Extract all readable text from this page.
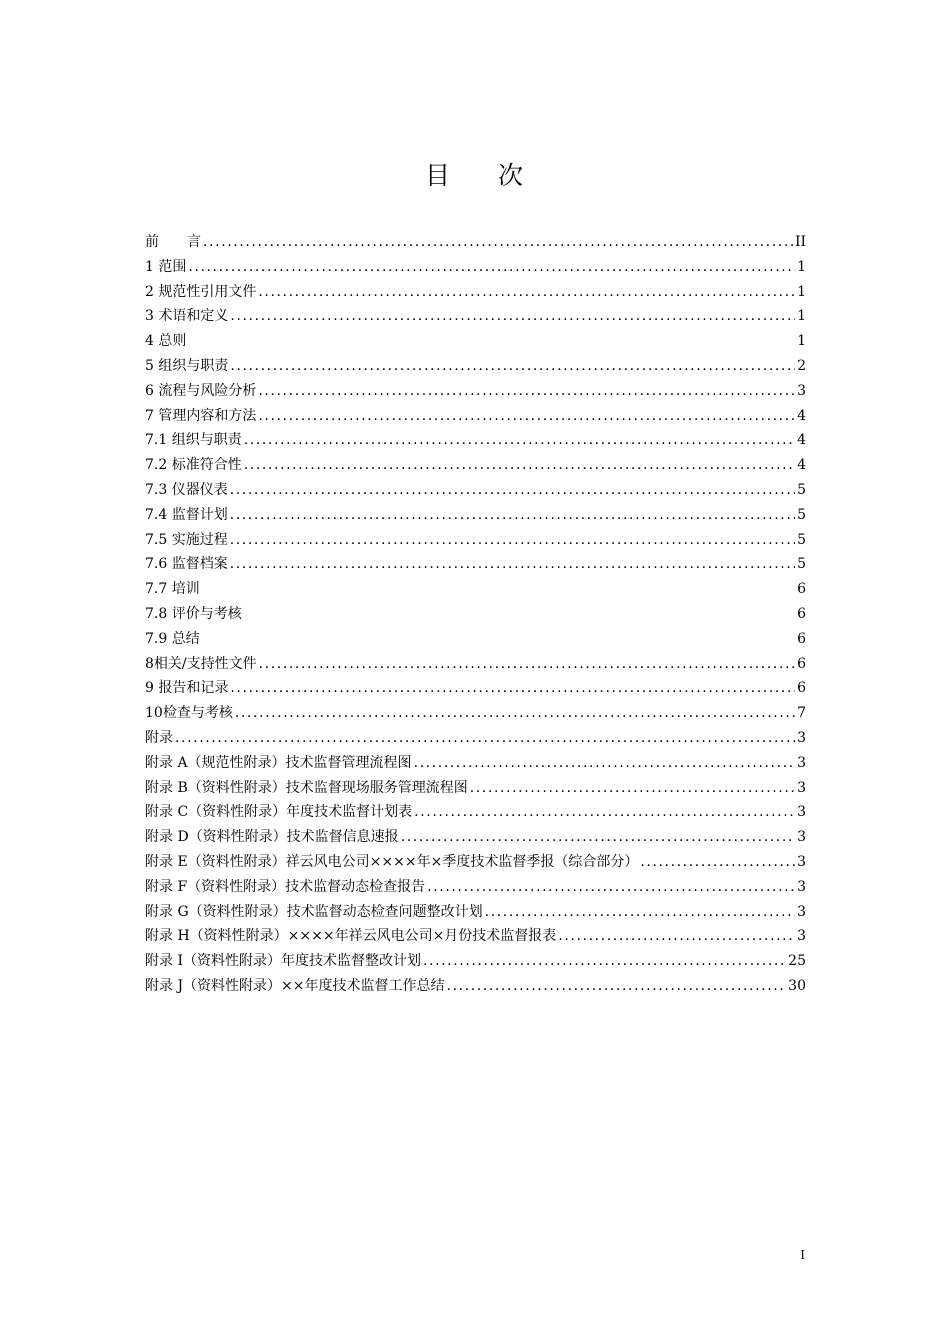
目 次
前　　言 .....	II
1 范围 .....	1
2 规范性引用文件 .....	1
3 术语和定义 .....	1
4 总则	1
5 组织与职责 .....	2
6 流程与风险分析 .....	3
7 管理内容和方法 .....	4
7.1 组织与职责 .....	4
7.2 标准符合性 .....	4
7.3 仪器仪表 .....	5
7.4 监督计划 .....	5
7.5 实施过程 .....	5
7.6 监督档案 .....	5
7.7 培训	6
7.8 评价与考核	6
7.9 总结	6
8相关/支持性文件 .....	6
9 报告和记录 .....	6
10检查与考核 .....	7
附录 .....	3
附录 A（规范性附录）技术监督管理流程图 .....	3
附录 B（资料性附录）技术监督现场服务管理流程图 .....	3
附录 C（资料性附录）年度技术监督计划表 .....	3
附录 D（资料性附录）技术监督信息速报 .....	3
附录 E（资料性附录）祥云风电公司××××年×季度技术监督季报（综合部分） .....	3
附录 F（资料性附录）技术监督动态检查报告 .....	3
附录 G（资料性附录）技术监督动态检查问题整改计划 .....	3
附录 H（资料性附录）××××年祥云风电公司×月份技术监督报表 .....	3
附录 I（资料性附录）年度技术监督整改计划 .....	25
附录 J（资料性附录）××年度技术监督工作总结 .....	30
I
